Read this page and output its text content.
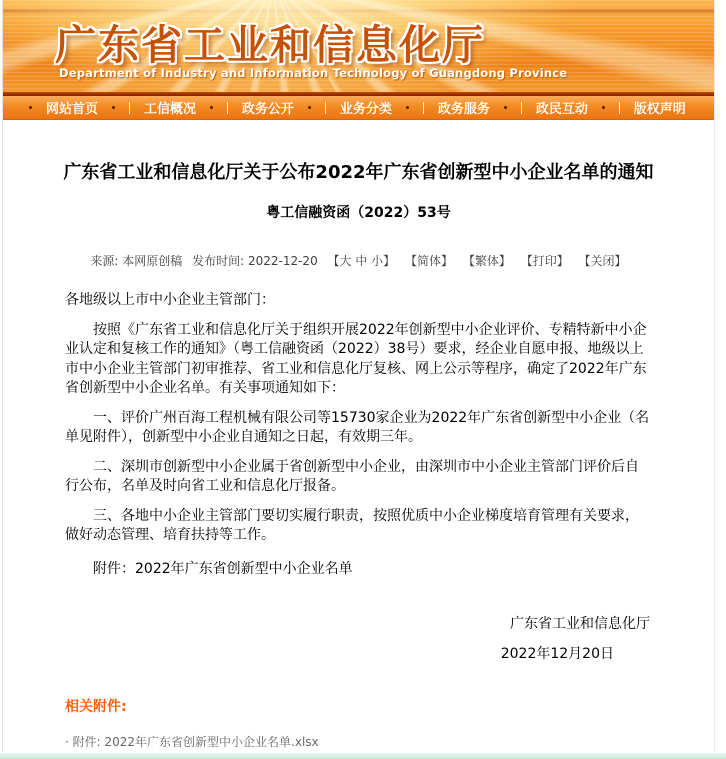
广东省工业和信息化厅
Department of Industry and Information Technology of Guangdong Province
网站首页	工信概况	政务公开	业务分类	政务服务	政民互动	版权声明
广东省工业和信息化厅关于公布2022年广东省创新型中小企业名单的通知
粤工信融资函（2022）53号
来源: 本网原创稿 发布时间: 2022-12-20 【大 中 小】 【简体】 【繁体】 【打印】 【关闭】

各地级以上市中小企业主管部门：

按照《广东省工业和信息化厅关于组织开展2022年创新型中小企业评价、专精特新中小企业认定和复核工作的通知》（粤工信融资函（2022）38号）要求，经企业自愿申报、地级以上市中小企业主管部门初审推荐、省工业和信息化厅复核、网上公示等程序，确定了2022年广东省创新型中小企业名单。有关事项通知如下：

一、评价广州百海工程机械有限公司等15730家企业为2022年广东省创新型中小企业（名单见附件），创新型中小企业自通知之日起，有效期三年。

二、深圳市创新型中小企业属于省创新型中小企业，由深圳市中小企业主管部门评价后自行公布，名单及时向省工业和信息化厅报备。

三、各地中小企业主管部门要切实履行职责，按照优质中小企业梯度培育管理有关要求，做好动态管理、培育扶持等工作。

附件：2022年广东省创新型中小企业名单

广东省工业和信息化厅
2022年12月20日
相关附件:
· 附件: 2022年广东省创新型中小企业名单.xlsx
